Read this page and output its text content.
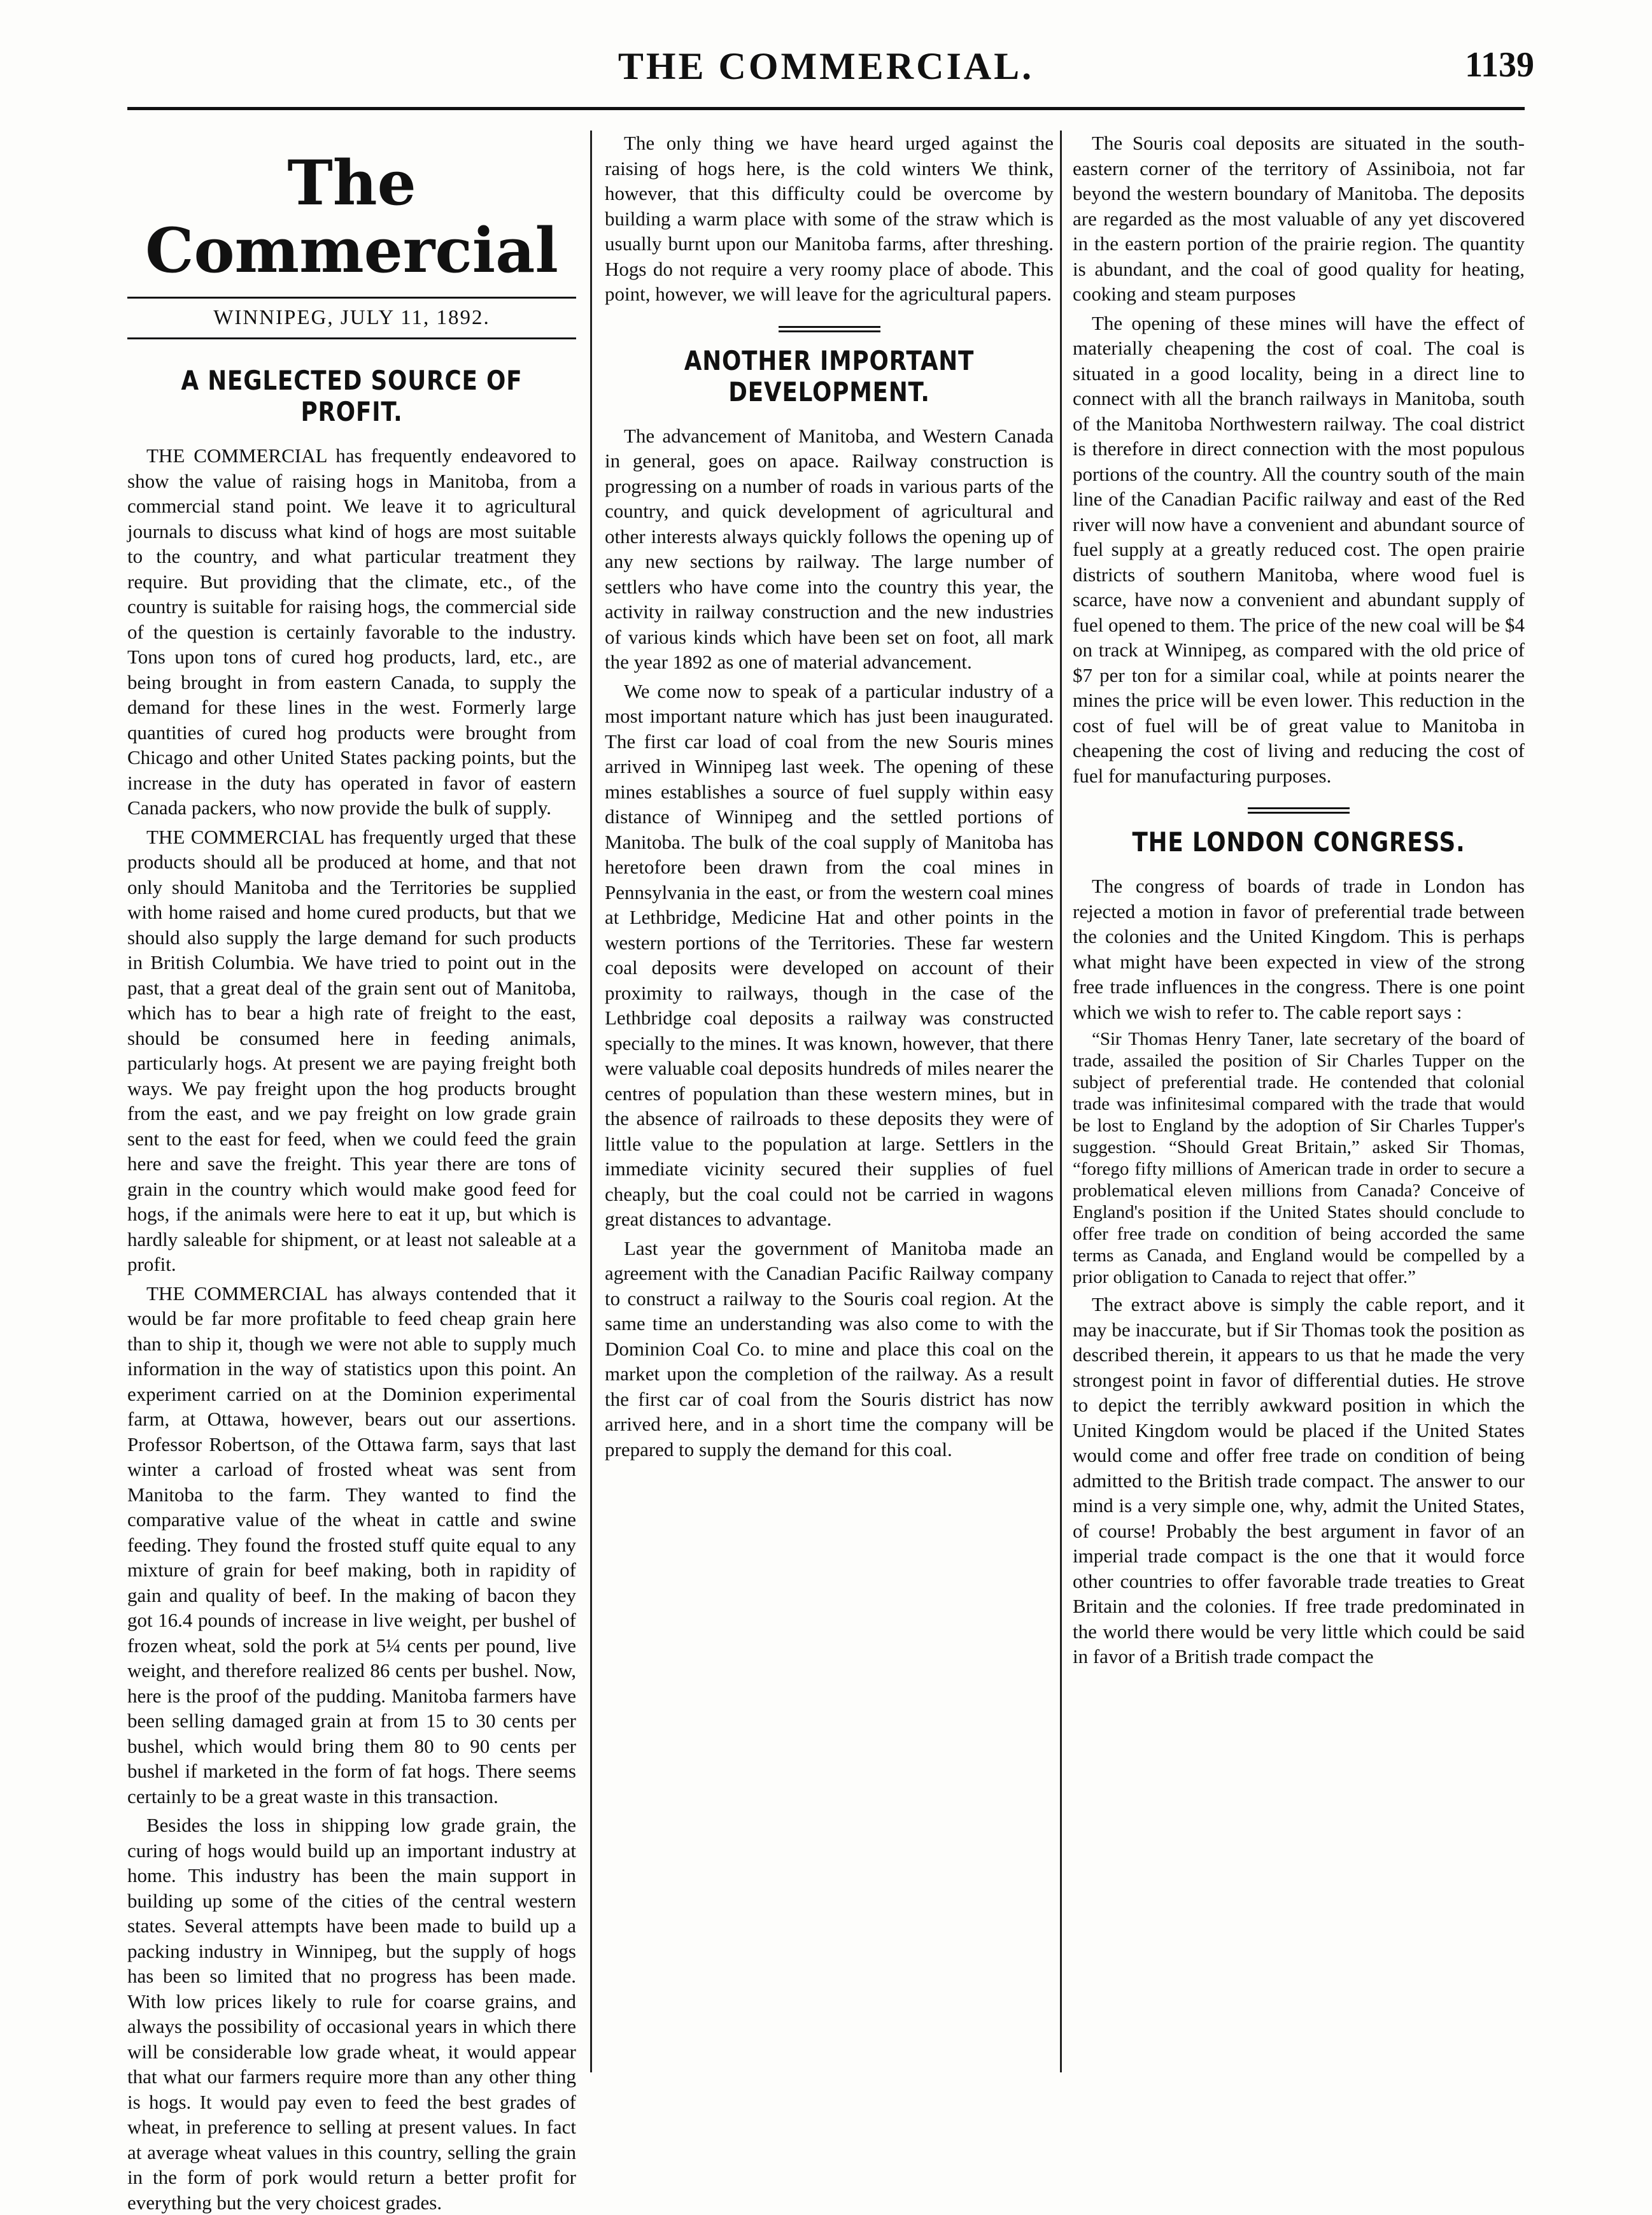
THE COMMERCIAL.	1139
The Commercial
WINNIPEG, JULY 11, 1892.
A NEGLECTED SOURCE OF PROFIT.

THE COMMERCIAL has frequently endeavored to show the value of raising hogs in Manitoba, from a commercial stand point. We leave it to agricultural journals to discuss what kind of hogs are most suitable to the country, and what particular treatment they require. But providing that the climate, etc., of the country is suitable for raising hogs, the commercial side of the question is certainly favorable to the industry. Tons upon tons of cured hog products, lard, etc., are being brought in from eastern Canada, to supply the demand for these lines in the west. Formerly large quantities of cured hog products were brought from Chicago and other United States packing points, but the increase in the duty has operated in favor of eastern Canada packers, who now provide the bulk of supply.

THE COMMERCIAL has frequently urged that these products should all be produced at home, and that not only should Manitoba and the Territories be supplied with home raised and home cured products, but that we should also supply the large demand for such products in British Columbia. We have tried to point out in the past, that a great deal of the grain sent out of Manitoba, which has to bear a high rate of freight to the east, should be consumed here in feeding animals, particularly hogs. At present we are paying freight both ways. We pay freight upon the hog products brought from the east, and we pay freight on low grade grain sent to the east for feed, when we could feed the grain here and save the freight. This year there are tons of grain in the country which would make good feed for hogs, if the animals were here to eat it up, but which is hardly saleable for shipment, or at least not saleable at a profit.

THE COMMERCIAL has always contended that it would be far more profitable to feed cheap grain here than to ship it, though we were not able to supply much information in the way of statistics upon this point. An experiment carried on at the Dominion experimental farm, at Ottawa, however, bears out our assertions. Professor Robertson, of the Ottawa farm, says that last winter a carload of frosted wheat was sent from Manitoba to the farm. They wanted to find the comparative value of the wheat in cattle and swine feeding. They found the frosted stuff quite equal to any mixture of grain for beef making, both in rapidity of gain and quality of beef. In the making of bacon they got 16.4 pounds of increase in live weight, per bushel of frozen wheat, sold the pork at 5¼ cents per pound, live weight, and therefore realized 86 cents per bushel. Now, here is the proof of the pudding. Manitoba farmers have been selling damaged grain at from 15 to 30 cents per bushel, which would bring them 80 to 90 cents per bushel if marketed in the form of fat hogs. There seems certainly to be a great waste in this transaction.

Besides the loss in shipping low grade grain, the curing of hogs would build up an important industry at home. This industry has been the main support in building up some of the cities of the central western states. Several attempts have been made to build up a packing industry in Winnipeg, but the supply of hogs has been so limited that no progress has been made. With low prices likely to rule for coarse grains, and always the possibility of occasional years in which there will be considerable low grade wheat, it would appear that what our farmers require more than any other thing is hogs. It would pay even to feed the best grades of wheat, in preference to selling at present values. In fact at average wheat values in this country, selling the grain in the form of pork would return a better profit for everything but the very choicest grades.

The only thing we have heard urged against the raising of hogs here, is the cold winters We think, however, that this difficulty could be overcome by building a warm place with some of the straw which is usually burnt upon our Manitoba farms, after threshing. Hogs do not require a very roomy place of abode. This point, however, we will leave for the agricultural papers.

ANOTHER IMPORTANT DEVELOPMENT.

The advancement of Manitoba, and Western Canada in general, goes on apace. Railway construction is progressing on a number of roads in various parts of the country, and quick development of agricultural and other interests always quickly follows the opening up of any new sections by railway. The large number of settlers who have come into the country this year, the activity in railway construction and the new industries of various kinds which have been set on foot, all mark the year 1892 as one of material advancement.

We come now to speak of a particular industry of a most important nature which has just been inaugurated. The first car load of coal from the new Souris mines arrived in Winnipeg last week. The opening of these mines establishes a source of fuel supply within easy distance of Winnipeg and the settled portions of Manitoba. The bulk of the coal supply of Manitoba has heretofore been drawn from the coal mines in Pennsylvania in the east, or from the western coal mines at Lethbridge, Medicine Hat and other points in the western portions of the Territories. These far western coal deposits were developed on account of their proximity to railways, though in the case of the Lethbridge coal deposits a railway was constructed specially to the mines. It was known, however, that there were valuable coal deposits hundreds of miles nearer the centres of population than these western mines, but in the absence of railroads to these deposits they were of little value to the population at large. Settlers in the immediate vicinity secured their supplies of fuel cheaply, but the coal could not be carried in wagons great distances to advantage.

Last year the government of Manitoba made an agreement with the Canadian Pacific Railway company to construct a railway to the Souris coal region. At the same time an understanding was also come to with the Dominion Coal Co. to mine and place this coal on the market upon the completion of the railway. As a result the first car of coal from the Souris district has now arrived here, and in a short time the company will be prepared to supply the demand for this coal.

The Souris coal deposits are situated in the south-eastern corner of the territory of Assiniboia, not far beyond the western boundary of Manitoba. The deposits are regarded as the most valuable of any yet discovered in the eastern portion of the prairie region. The quantity is abundant, and the coal of good quality for heating, cooking and steam purposes

The opening of these mines will have the effect of materially cheapening the cost of coal. The coal is situated in a good locality, being in a direct line to connect with all the branch railways in Manitoba, south of the Manitoba Northwestern railway. The coal district is therefore in direct connection with the most populous portions of the country. All the country south of the main line of the Canadian Pacific railway and east of the Red river will now have a convenient and abundant source of fuel supply at a greatly reduced cost. The open prairie districts of southern Manitoba, where wood fuel is scarce, have now a convenient and abundant supply of fuel opened to them. The price of the new coal will be $4 on track at Winnipeg, as compared with the old price of $7 per ton for a similar coal, while at points nearer the mines the price will be even lower. This reduction in the cost of fuel will be of great value to Manitoba in cheapening the cost of living and reducing the cost of fuel for manufacturing purposes.

THE LONDON CONGRESS.

The congress of boards of trade in London has rejected a motion in favor of preferential trade between the colonies and the United Kingdom. This is perhaps what might have been expected in view of the strong free trade influences in the congress. There is one point which we wish to refer to. The cable report says :

“Sir Thomas Henry Taner, late secretary of the board of trade, assailed the position of Sir Charles Tupper on the subject of preferential trade. He contended that colonial trade was infinitesimal compared with the trade that would be lost to England by the adoption of Sir Charles Tupper's suggestion. “Should Great Britain,” asked Sir Thomas, “forego fifty millions of American trade in order to secure a problematical eleven millions from Canada? Conceive of England's position if the United States should conclude to offer free trade on condition of being accorded the same terms as Canada, and England would be compelled by a prior obligation to Canada to reject that offer.”

The extract above is simply the cable report, and it may be inaccurate, but if Sir Thomas took the position as described therein, it appears to us that he made the very strongest point in favor of differential duties. He strove to depict the terribly awkward position in which the United Kingdom would be placed if the United States would come and offer free trade on condition of being admitted to the British trade compact. The answer to our mind is a very simple one, why, admit the United States, of course! Probably the best argument in favor of an imperial trade compact is the one that it would force other countries to offer favorable trade treaties to Great Britain and the colonies. If free trade predominated in the world there would be very little which could be said in favor of a British trade compact the
